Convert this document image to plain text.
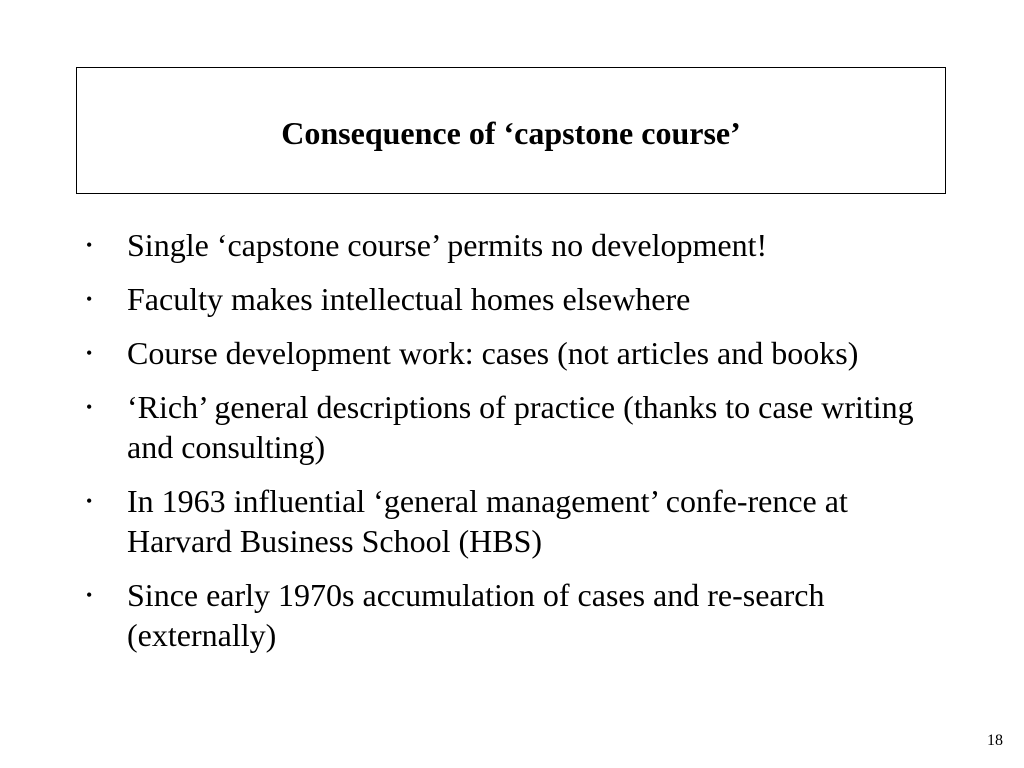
Consequence of ‘capstone course’
•	Single ‘capstone course’ permits no development!
•	Faculty makes intellectual homes elsewhere
•	Course development work: cases (not articles and books)
•	‘Rich’ general descriptions of practice (thanks to case writing and consulting)
•	In 1963 influential ‘general management’ confe-rence at Harvard Business School (HBS)
•	Since early 1970s accumulation of cases and re-search (externally)
18
